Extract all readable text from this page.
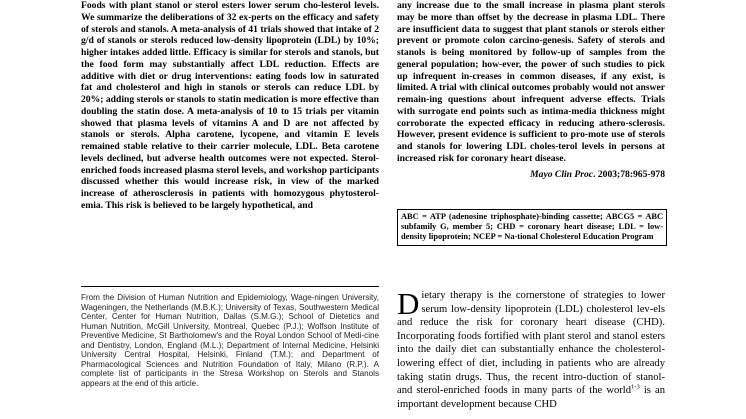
Foods with plant stanol or sterol esters lower serum cho-lesterol levels. We summarize the deliberations of 32 ex-perts on the efficacy and safety of sterols and stanols. A meta-analysis of 41 trials showed that intake of 2 g/d of stanols or sterols reduced low-density lipoprotein (LDL) by 10%; higher intakes added little. Efficacy is similar for sterols and stanols, but the food form may substantially affect LDL reduction. Effects are additive with diet or drug interventions: eating foods low in saturated fat and cholesterol and high in stanols or sterols can reduce LDL by 20%; adding sterols or stanols to statin medication is more effective than doubling the statin dose. A meta-analysis of 10 to 15 trials per vitamin showed that plasma levels of vitamins A and D are not affected by stanols or sterols. Alpha carotene, lycopene, and vitamin E levels remained stable relative to their carrier molecule, LDL. Beta carotene levels declined, but adverse health outcomes were not expected. Sterol-enriched foods increased plasma sterol levels, and workshop participants discussed whether this would increase risk, in view of the marked increase of atherosclerosis in patients with homozygous phytosterol-emia. This risk is believed to be largely hypothetical, and

any increase due to the small increase in plasma plant sterols may be more than offset by the decrease in plasma LDL. There are insufficient data to suggest that plant stanols or sterols either prevent or promote colon carcino-genesis. Safety of sterols and stanols is being monitored by follow-up of samples from the general population; how-ever, the power of such studies to pick up infrequent in-creases in common diseases, if any exist, is limited. A trial with clinical outcomes probably would not answer remain-ing questions about infrequent adverse effects. Trials with surrogate end points such as intima-media thickness might corroborate the expected efficacy in reducing athero-sclerosis. However, present evidence is sufficient to pro-mote use of sterols and stanols for lowering LDL choles-terol levels in persons at increased risk for coronary heart disease.

Mayo Clin Proc. 2003;78:965-978
ABC = ATP (adenosine triphosphate)-binding cassette; ABCG5 = ABC subfamily G, member 5; CHD = coronary heart disease; LDL = low-density lipoprotein; NCEP = Na-tional Cholesterol Education Program

From the Division of Human Nutrition and Epidemiology, Wage-ningen University, Wageningen, the Netherlands (M.B.K.); University of Texas, Southwestern Medical Center, Center for Human Nutrition, Dallas (S.M.G.); School of Dietetics and Human Nutrition, McGill University, Montreal, Quebec (P.J.); Wolfson Institute of Preventive Medicine, St Bartholomew's and the Royal London School of Medi-cine and Dentistry, London, England (M.L.); Department of Internal Medicine, Helsinki University Central Hospital, Helsinki, Finland (T.M.); and Department of Pharmacological Sciences and Nutrition Foundation of Italy, Milano (R.P.). A complete list of participants in the Stresa Workshop on Sterols and Stanols appears at the end of this article.

Dietary therapy is the cornerstone of strategies to lower serum low-density lipoprotein (LDL) cholesterol lev-els and reduce the risk for coronary heart disease (CHD). Incorporating foods fortified with plant sterol and stanol esters into the daily diet can substantially enhance the cholesterol-lowering effect of diet, including in patients who are already taking statin drugs. Thus, the recent intro-duction of stanol- and sterol-enriched foods in many parts of the world$^{1-3}$ is an important development because CHD
